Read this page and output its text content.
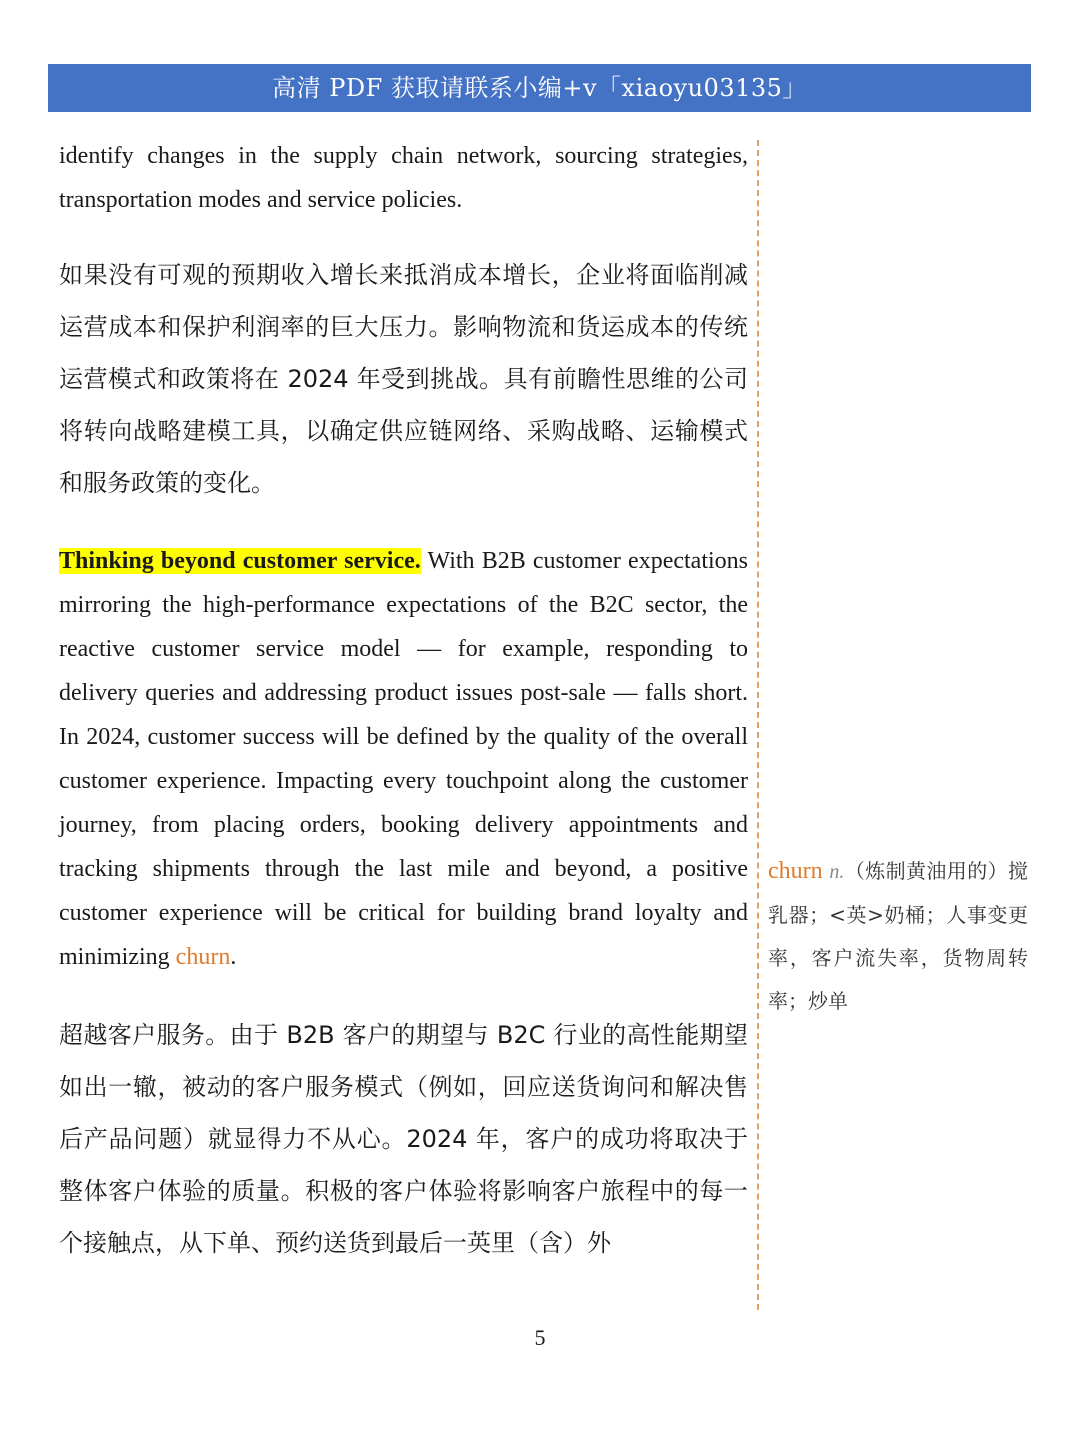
高清 PDF 获取请联系小编+v「xiaoyu03135」

identify changes in the supply chain network, sourcing strategies, transportation modes and service policies.

如果没有可观的预期收入增长来抵消成本增长，企业将面临削减运营成本和保护利润率的巨大压力。影响物流和货运成本的传统运营模式和政策将在 2024 年受到挑战。具有前瞻性思维的公司将转向战略建模工具，以确定供应链网络、采购战略、运输模式和服务政策的变化。

Thinking beyond customer service. With B2B customer expectations mirroring the high-performance expectations of the B2C sector, the reactive customer service model — for example, responding to delivery queries and addressing product issues post-sale — falls short. In 2024, customer success will be defined by the quality of the overall customer experience. Impacting every touchpoint along the customer journey, from placing orders, booking delivery appointments and tracking shipments through the last mile and beyond, a positive customer experience will be critical for building brand loyalty and minimizing churn.

超越客户服务。由于 B2B 客户的期望与 B2C 行业的高性能期望如出一辙，被动的客户服务模式（例如，回应送货询问和解决售后产品问题）就显得力不从心。2024 年，客户的成功将取决于整体客户体验的质量。积极的客户体验将影响客户旅程中的每一个接触点，从下单、预约送货到最后一英里（含）外

churn n.（炼制黄油用的）搅乳器；<英>奶桶；人事变更率，客户流失率，货物周转率；炒单
5
